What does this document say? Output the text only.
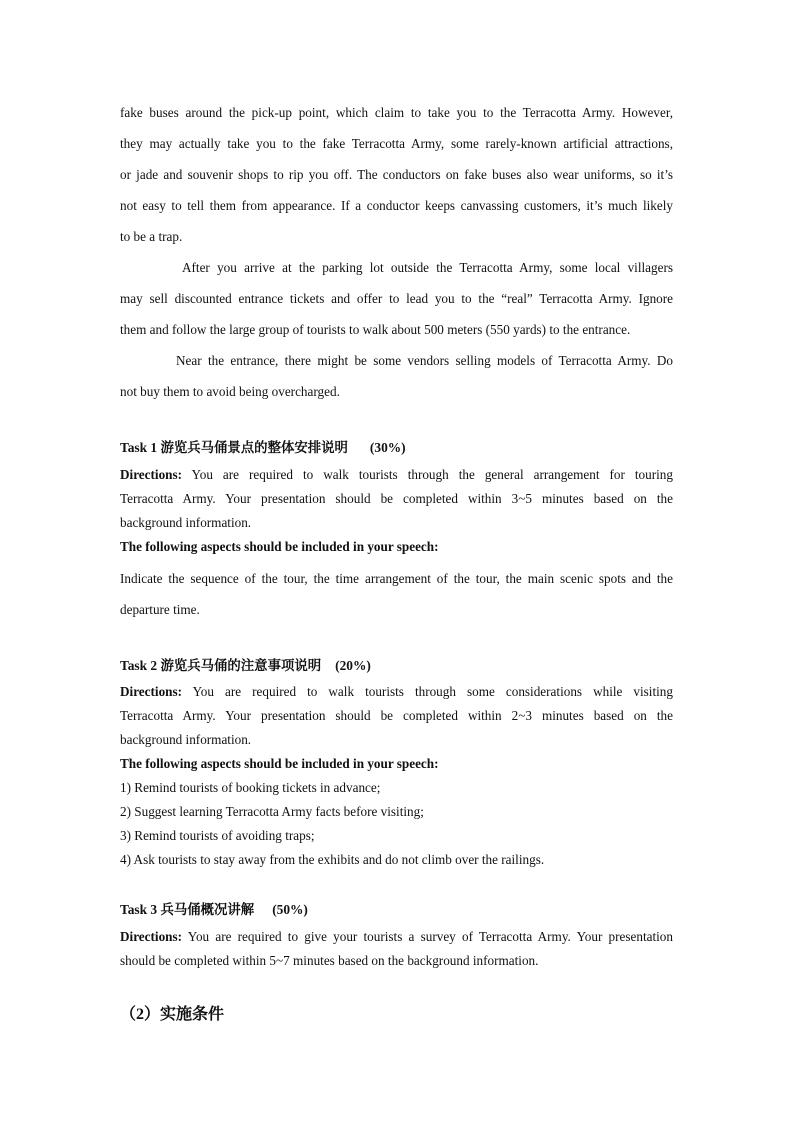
fake buses around the pick-up point, which claim to take you to the Terracotta Army. However,
they may actually take you to the fake Terracotta Army, some rarely-known artificial attractions,
or jade and souvenir shops to rip you off. The conductors on fake buses also wear uniforms, so it’s
not easy to tell them from appearance. If a conductor keeps canvassing customers, it’s much likely
to be a trap.
After you arrive at the parking lot outside the Terracotta Army, some local villagers
may sell discounted entrance tickets and offer to lead you to the “real” Terracotta Army. Ignore
them and follow the large group of tourists to walk about 500 meters (550 yards) to the entrance.
Near the entrance, there might be some vendors selling models of Terracotta Army. Do
not buy them to avoid being overcharged.
Task 1 游览兵马俑景点的整体安排说明 (30%)
Directions: You are required to walk tourists through the general arrangement for touring
Terracotta Army. Your presentation should be completed within 3~5 minutes based on the
background information.
The following aspects should be included in your speech:
Indicate the sequence of the tour, the time arrangement of the tour, the main scenic spots and the
departure time.
Task 2 游览兵马俑的注意事项说明 (20%)
Directions: You are required to walk tourists through some considerations while visiting
Terracotta Army. Your presentation should be completed within 2~3 minutes based on the
background information.
The following aspects should be included in your speech:
1) Remind tourists of booking tickets in advance;
2) Suggest learning Terracotta Army facts before visiting;
3) Remind tourists of avoiding traps;
4) Ask tourists to stay away from the exhibits and do not climb over the railings.
Task 3 兵马俑概况讲解 (50%)
Directions: You are required to give your tourists a survey of Terracotta Army. Your presentation
should be completed within 5~7 minutes based on the background information.
（2）实施条件
